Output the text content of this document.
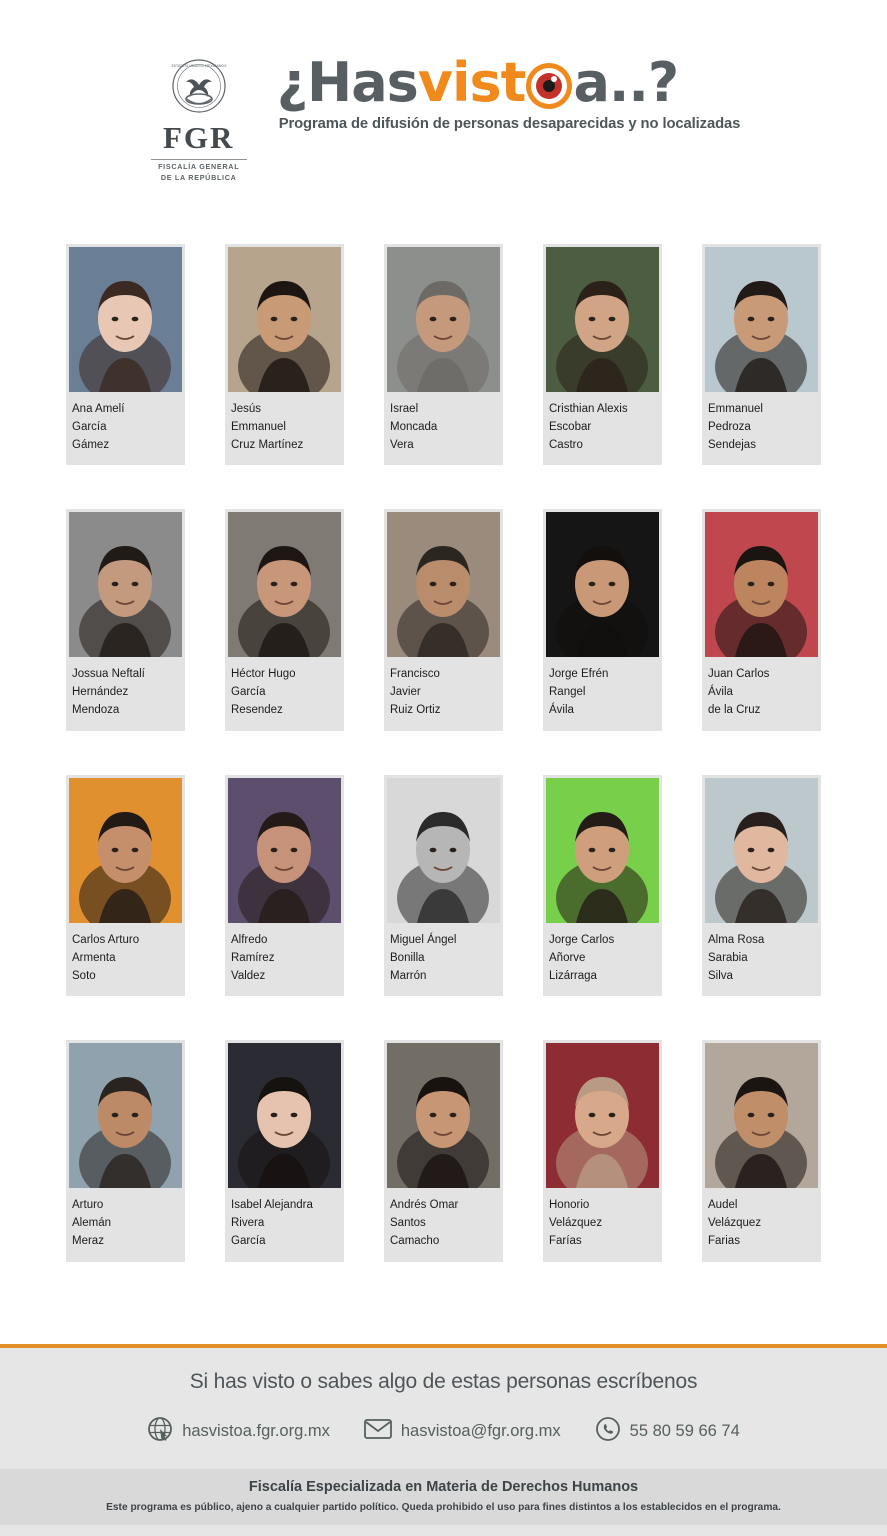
ESTADOS UNIDOS MEXICANOS
FGR
FISCALÍA GENERAL
DE LA REPÚBLICA
¿Hasvist a..?
Programa de difusión de personas desaparecidas y no localizadas
Ana Amelí
García
Gámez
Jesús
Emmanuel
Cruz Martínez
Israel
Moncada
Vera
Cristhian Alexis
Escobar
Castro
Emmanuel
Pedroza
Sendejas
Jossua Neftalí
Hernández
Mendoza
Héctor Hugo
García
Resendez
Francisco
Javier
Ruiz Ortiz
Jorge Efrén
Rangel
Ávila
Juan Carlos
Ávila
de la Cruz
Carlos Arturo
Armenta
Soto
Alfredo
Ramírez
Valdez
Miguel Ángel
Bonilla
Marrón
Jorge Carlos
Añorve
Lizárraga
Alma Rosa
Sarabia
Silva
Arturo
Alemán
Meraz
Isabel Alejandra
Rivera
García
Andrés Omar
Santos
Camacho
Honorio
Velázquez
Farías
Audel
Velázquez
Farias
Si has visto o sabes algo de estas personas escríbenos
hasvistoa.fgr.org.mx	hasvistoa@fgr.org.mx	55 80 59 66 74
Fiscalía Especializada en Materia de Derechos Humanos
Este programa es público, ajeno a cualquier partido político. Queda prohibido el uso para fines distintos a los establecidos en el programa.
